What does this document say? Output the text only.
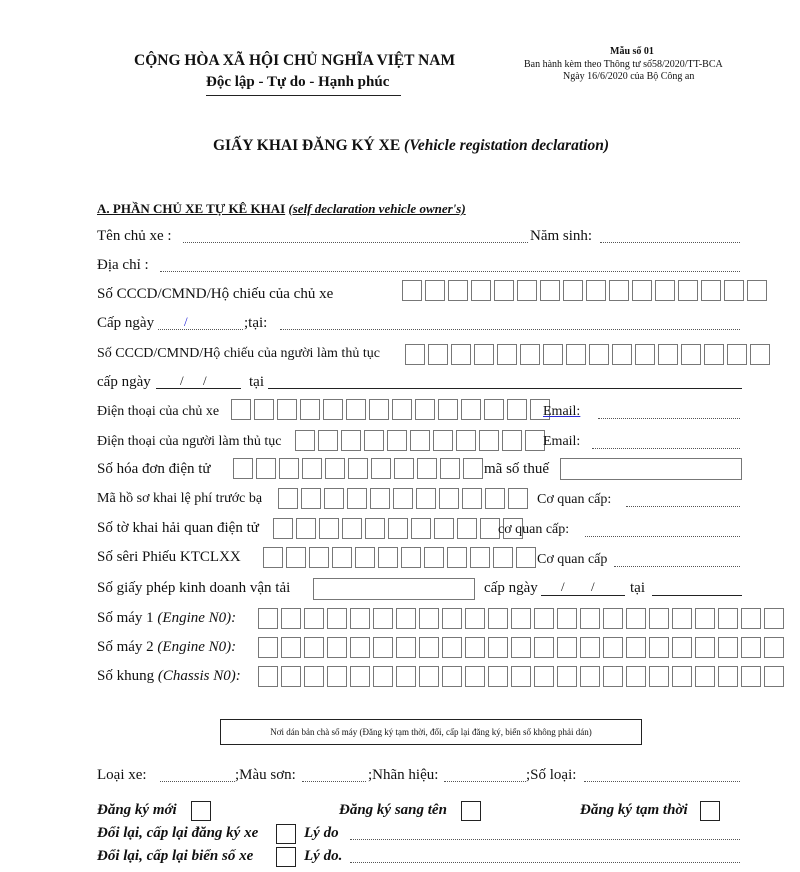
CỘNG HÒA XÃ HỘI CHỦ NGHĨA VIỆT NAM
Độc lập - Tự do - Hạnh phúc
Mẫu số 01
Ban hành kèm theo Thông tư số58/2020/TT-BCA
Ngày 16/6/2020 của Bộ Công an
GIẤY KHAI ĐĂNG KÝ XE (Vehicle registation declaration)
A. PHẦN CHỦ XE TỰ KÊ KHAI (self declaration vehicle owner's)
Tên chủ xe :	Năm sinh:
Địa chỉ :
Số CCCD/CMND/Hộ chiếu của chủ xe
Cấp ngày /	;tại:
Số CCCD/CMND/Hộ chiếu của người làm thủ tục
cấp ngày / /	tại
Điện thoại của chủ xe	Email:
Điện thoại của người làm thủ tục	Email:
Số hóa đơn điện tử	mã số thuế
Mã hồ sơ khai lệ phí trước bạ	Cơ quan cấp:
Số tờ khai hải quan điện tử	cơ quan cấp:
Số sêri Phiếu KTCLXX	Cơ quan cấp
Số giấy phép kinh doanh vận tải	cấp ngày / / tại
Số máy 1 (Engine N0):
Số máy 2 (Engine N0):
Số khung (Chassis N0):
Nơi dán bản chà số máy (Đăng ký tạm thời, đổi, cấp lại đăng ký, biển số không phải dán)
Loại xe:	;Màu sơn:	;Nhãn hiệu:	;Số loại:
Đăng ký mới	Đăng ký sang tên	Đăng ký tạm thời
Đổi lại, cấp lại đăng ký xe	Lý do
Đổi lại, cấp lại biển số xe	Lý do.
